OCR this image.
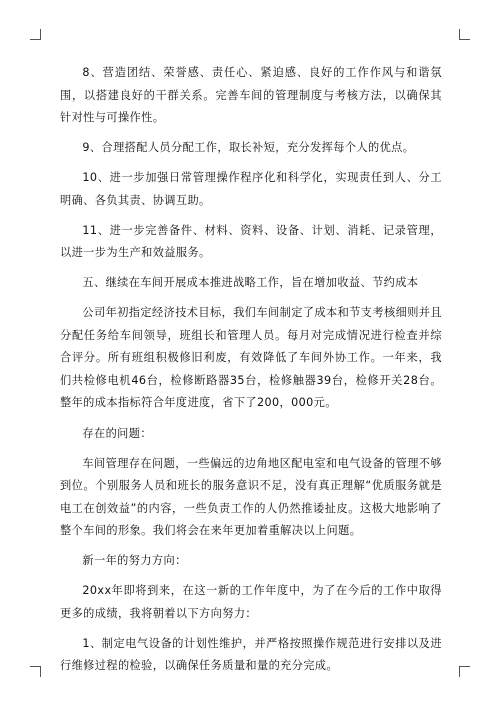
8、营造团结、荣誉感、责任心、紧迫感、良好的工作作风与和谐氛围，以搭建良好的干群关系。完善车间的管理制度与考核方法，以确保其针对性与可操作性。

9、合理搭配人员分配工作，取长补短，充分发挥每个人的优点。

10、进一步加强日常管理操作程序化和科学化，实现责任到人、分工明确、各负其责、协调互助。

11、进一步完善备件、材料、资料、设备、计划、消耗、记录管理，以进一步为生产和效益服务。

五、继续在车间开展成本推进战略工作，旨在增加收益、节约成本

公司年初指定经济技术目标，我们车间制定了成本和节支考核细则并且分配任务给车间领导，班组长和管理人员。每月对完成情况进行检查并综合评分。所有班组积极修旧利废，有效降低了车间外协工作。一年来，我们共检修电机46台，检修断路器35台，检修触器39台，检修开关28台。整年的成本指标符合年度进度，省下了200，000元。

存在的问题：

车间管理存在问题，一些偏远的边角地区配电室和电气设备的管理不够到位。个别服务人员和班长的服务意识不足，没有真正理解“优质服务就是电工在创效益”的内容，一些负责工作的人仍然推诿扯皮。这极大地影响了整个车间的形象。我们将会在来年更加着重解决以上问题。

新一年的努力方向：

20xx年即将到来，在这一新的工作年度中，为了在今后的工作中取得更多的成绩，我将朝着以下方向努力：

1、制定电气设备的计划性维护，并严格按照操作规范进行安排以及进行维修过程的检验，以确保任务质量和量的充分完成。
